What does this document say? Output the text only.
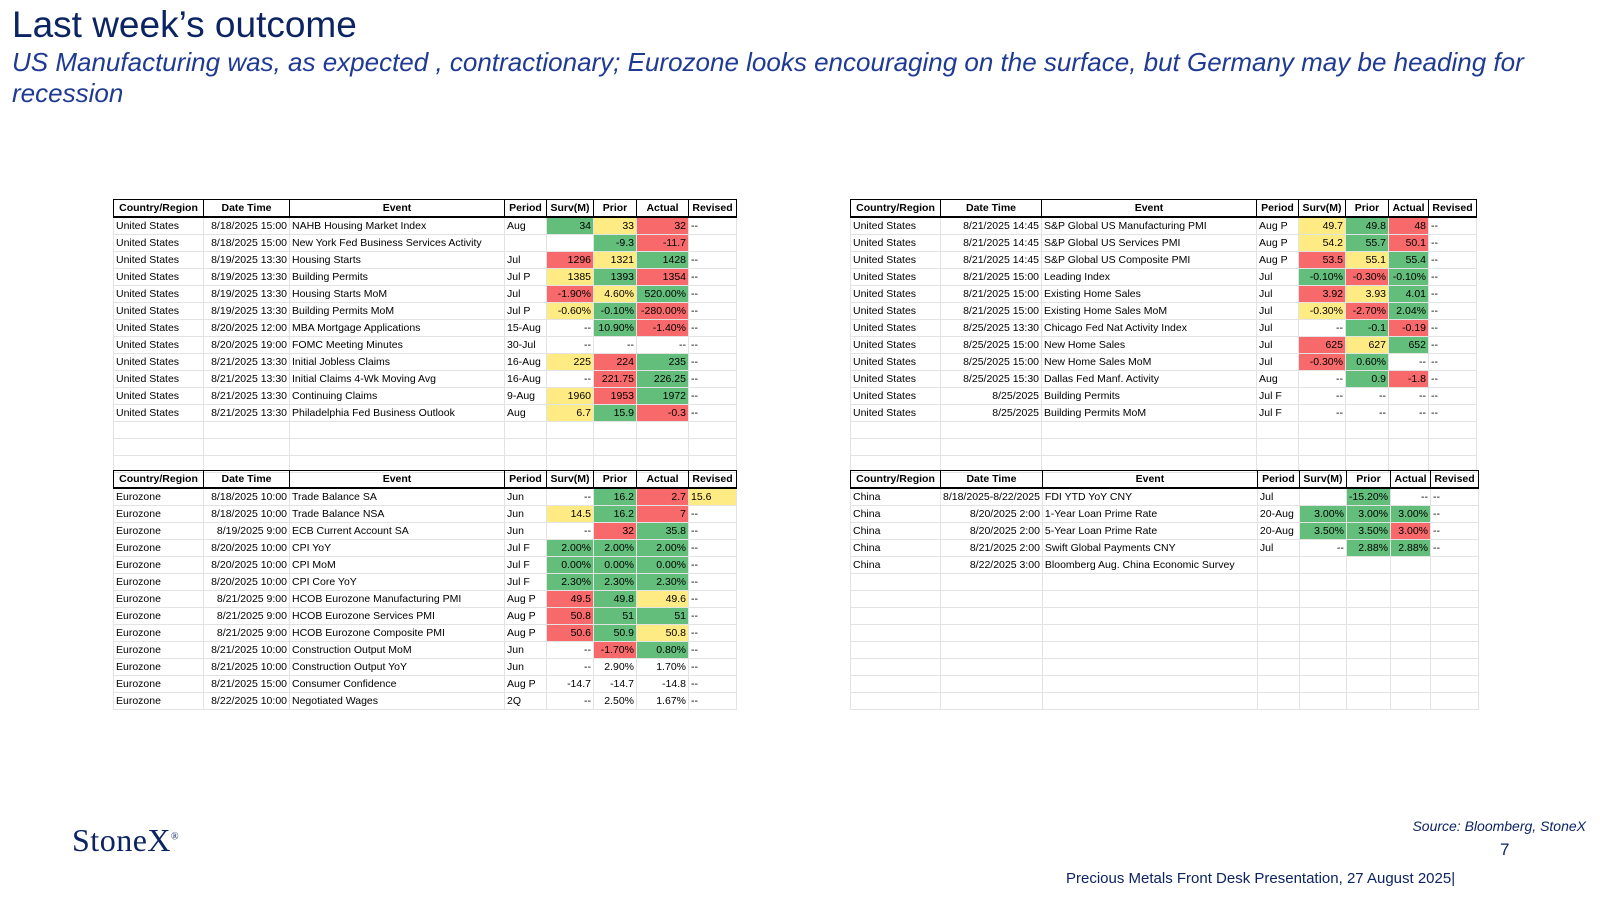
Last week’s outcome
US Manufacturing was, as expected , contractionary; Eurozone looks encouraging on the surface, but Germany may be heading for recession
Country/Region	Date Time	Event	Period	Surv(M)	Prior	Actual	Revised
United States	8/18/2025 15:00	NAHB Housing Market Index	Aug	34	33	32	--
United States	8/18/2025 15:00	New York Fed Business Services Activity			-9.3	-11.7	
United States	8/19/2025 13:30	Housing Starts	Jul	1296	1321	1428	--
United States	8/19/2025 13:30	Building Permits	Jul P	1385	1393	1354	--
United States	8/19/2025 13:30	Housing Starts MoM	Jul	-1.90%	4.60%	520.00%	--
United States	8/19/2025 13:30	Building Permits MoM	Jul P	-0.60%	-0.10%	-280.00%	--
United States	8/20/2025 12:00	MBA Mortgage Applications	15-Aug	--	10.90%	-1.40%	--
United States	8/20/2025 19:00	FOMC Meeting Minutes	30-Jul	--	--	--	--
United States	8/21/2025 13:30	Initial Jobless Claims	16-Aug	225	224	235	--
United States	8/21/2025 13:30	Initial Claims 4-Wk Moving Avg	16-Aug	--	221.75	226.25	--
United States	8/21/2025 13:30	Continuing Claims	9-Aug	1960	1953	1972	--
United States	8/21/2025 13:30	Philadelphia Fed Business Outlook	Aug	6.7	15.9	-0.3	--

Country/Region	Date Time	Event	Period	Surv(M)	Prior	Actual	Revised
United States	8/21/2025 14:45	S&P Global US Manufacturing PMI	Aug P	49.7	49.8	48	--
United States	8/21/2025 14:45	S&P Global US Services PMI	Aug P	54.2	55.7	50.1	--
United States	8/21/2025 14:45	S&P Global US Composite PMI	Aug P	53.5	55.1	55.4	--
United States	8/21/2025 15:00	Leading Index	Jul	-0.10%	-0.30%	-0.10%	--
United States	8/21/2025 15:00	Existing Home Sales	Jul	3.92	3.93	4.01	--
United States	8/21/2025 15:00	Existing Home Sales MoM	Jul	-0.30%	-2.70%	2.04%	--
United States	8/25/2025 13:30	Chicago Fed Nat Activity Index	Jul	--	-0.1	-0.19	--
United States	8/25/2025 15:00	New Home Sales	Jul	625	627	652	--
United States	8/25/2025 15:00	New Home Sales MoM	Jul	-0.30%	0.60%	--	--
United States	8/25/2025 15:30	Dallas Fed Manf. Activity	Aug	--	0.9	-1.8	--
United States	8/25/2025	Building Permits	Jul F	--	--	--	--
United States	8/25/2025	Building Permits MoM	Jul F	--	--	--	--

Country/Region	Date Time	Event	Period	Surv(M)	Prior	Actual	Revised
Eurozone	8/18/2025 10:00	Trade Balance SA	Jun	--	16.2	2.7	15.6
Eurozone	8/18/2025 10:00	Trade Balance NSA	Jun	14.5	16.2	7	--
Eurozone	8/19/2025 9:00	ECB Current Account SA	Jun	--	32	35.8	--
Eurozone	8/20/2025 10:00	CPI YoY	Jul F	2.00%	2.00%	2.00%	--
Eurozone	8/20/2025 10:00	CPI MoM	Jul F	0.00%	0.00%	0.00%	--
Eurozone	8/20/2025 10:00	CPI Core YoY	Jul F	2.30%	2.30%	2.30%	--
Eurozone	8/21/2025 9:00	HCOB Eurozone Manufacturing PMI	Aug P	49.5	49.8	49.6	--
Eurozone	8/21/2025 9:00	HCOB Eurozone Services PMI	Aug P	50.8	51	51	--
Eurozone	8/21/2025 9:00	HCOB Eurozone Composite PMI	Aug P	50.6	50.9	50.8	--
Eurozone	8/21/2025 10:00	Construction Output MoM	Jun	--	-1.70%	0.80%	--
Eurozone	8/21/2025 10:00	Construction Output YoY	Jun	--	2.90%	1.70%	--
Eurozone	8/21/2025 15:00	Consumer Confidence	Aug P	-14.7	-14.7	-14.8	--
Eurozone	8/22/2025 10:00	Negotiated Wages	2Q	--	2.50%	1.67%	--
Country/Region	Date Time	Event	Period	Surv(M)	Prior	Actual	Revised
China	8/18/2025-8/22/2025	FDI YTD YoY CNY	Jul		-15.20%	--	--
China	8/20/2025 2:00	1-Year Loan Prime Rate	20-Aug	3.00%	3.00%	3.00%	--
China	8/20/2025 2:00	5-Year Loan Prime Rate	20-Aug	3.50%	3.50%	3.00%	--
China	8/21/2025 2:00	Swift Global Payments CNY	Jul	--	2.88%	2.88%	--
China	8/22/2025 3:00	Bloomberg Aug. China Economic Survey					

StoneX®
Source: Bloomberg, StoneX
7
Precious Metals Front Desk Presentation, 27 August 2025|
